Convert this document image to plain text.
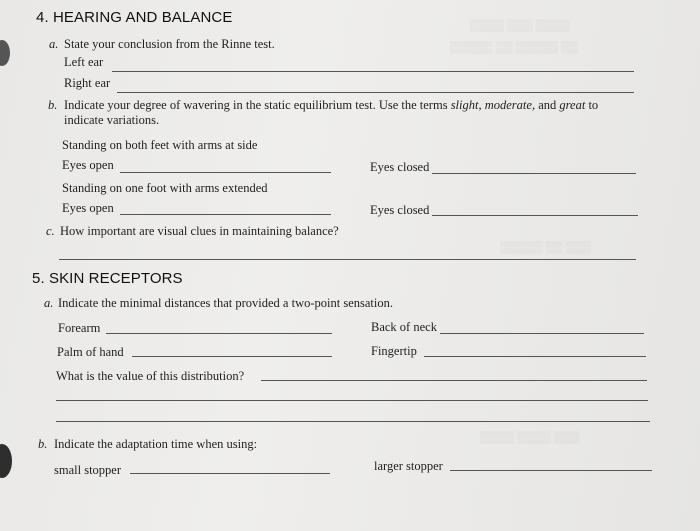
▒▒▒▒ ▒▒▒ ▒▒▒▒
▒▒▒▒▒ ▒▒ ▒▒▒▒▒ ▒▒
▒▒▒▒▒ ▒▒ ▒▒▒
▒▒▒▒ ▒▒▒▒ ▒▒▒
4. HEARING AND BALANCE
a. State your conclusion from the Rinne test.
Left ear
Right ear
b. Indicate your degree of wavering in the static equilibrium test. Use the terms slight, moderate, and great to
indicate variations.
Standing on both feet with arms at side
Eyes open	Eyes closed
Standing on one foot with arms extended
Eyes open	Eyes closed
c. How important are visual clues in maintaining balance?
5. SKIN RECEPTORS
a. Indicate the minimal distances that provided a two-point sensation.
Forearm	Back of neck
Palm of hand	Fingertip
What is the value of this distribution?
b. Indicate the adaptation time when using:
small stopper	larger stopper
